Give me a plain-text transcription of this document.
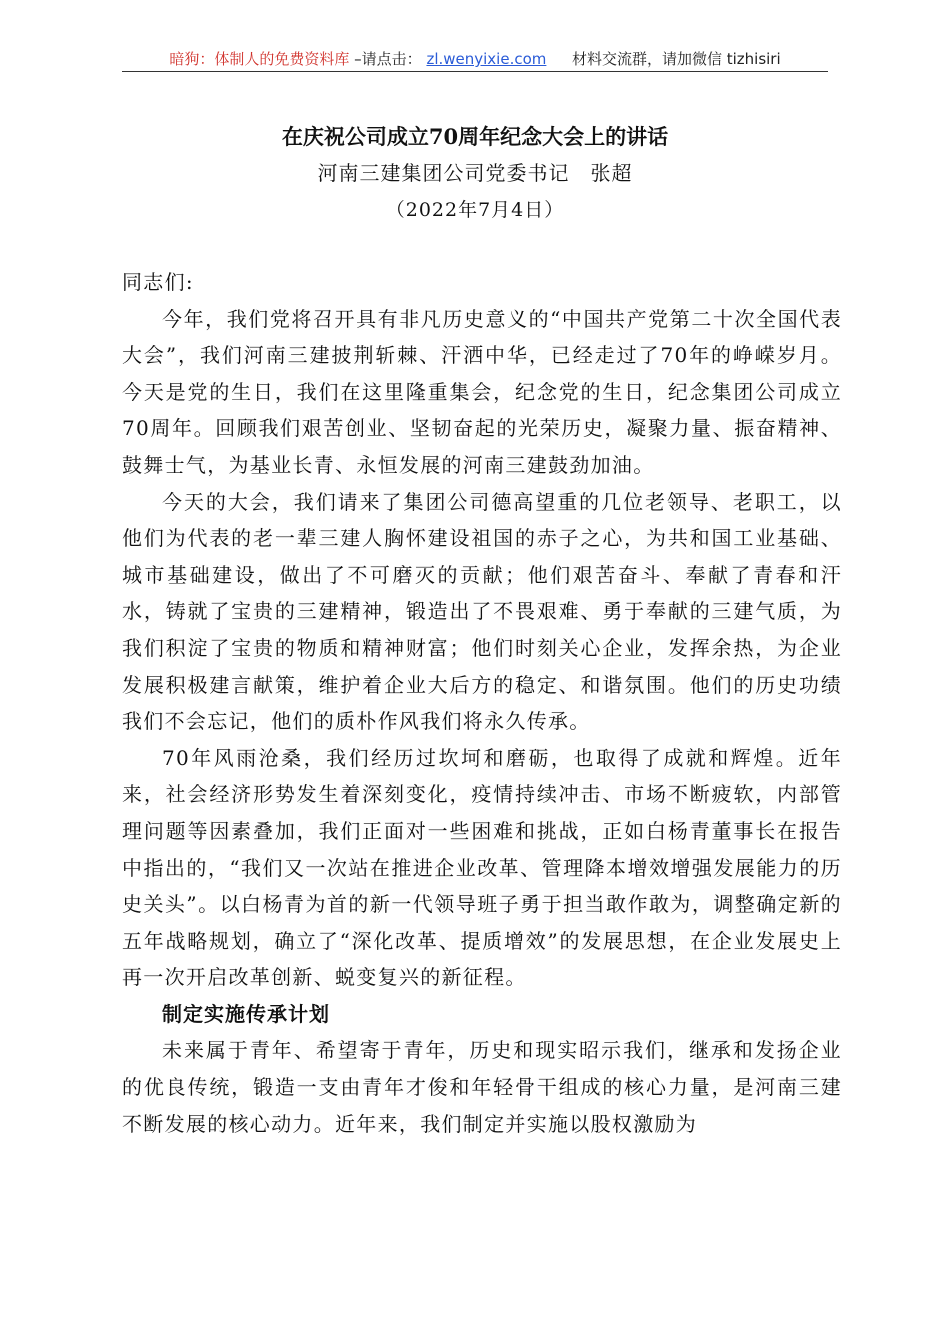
暗狗：体制人的免费资料库 –请点击： zl.wenyixie.com 材料交流群，请加微信 tizhisiri
在庆祝公司成立70周年纪念大会上的讲话
河南三建集团公司党委书记　张超
（2022年7月4日）

同志们:

今年，我们党将召开具有非凡历史意义的“中国共产党第二十次全国代表大会”，我们河南三建披荆斩棘、汗洒中华，已经走过了70年的峥嵘岁月。今天是党的生日，我们在这里隆重集会，纪念党的生日，纪念集团公司成立70周年。回顾我们艰苦创业、坚韧奋起的光荣历史，凝聚力量、振奋精神、鼓舞士气，为基业长青、永恒发展的河南三建鼓劲加油。

今天的大会，我们请来了集团公司德高望重的几位老领导、老职工，以他们为代表的老一辈三建人胸怀建设祖国的赤子之心，为共和国工业基础、城市基础建设，做出了不可磨灭的贡献；他们艰苦奋斗、奉献了青春和汗水，铸就了宝贵的三建精神，锻造出了不畏艰难、勇于奉献的三建气质，为我们积淀了宝贵的物质和精神财富；他们时刻关心企业，发挥余热，为企业发展积极建言献策，维护着企业大后方的稳定、和谐氛围。他们的历史功绩我们不会忘记，他们的质朴作风我们将永久传承。

70年风雨沧桑，我们经历过坎坷和磨砺，也取得了成就和辉煌。近年来，社会经济形势发生着深刻变化，疫情持续冲击、市场不断疲软，内部管理问题等因素叠加，我们正面对一些困难和挑战，正如白杨青董事长在报告中指出的，“我们又一次站在推进企业改革、管理降本增效增强发展能力的历史关头”。以白杨青为首的新一代领导班子勇于担当敢作敢为，调整确定新的五年战略规划，确立了“深化改革、提质增效”的发展思想，在企业发展史上再一次开启改革创新、蜕变复兴的新征程。

制定实施传承计划

未来属于青年、希望寄于青年，历史和现实昭示我们，继承和发扬企业的优良传统，锻造一支由青年才俊和年轻骨干组成的核心力量，是河南三建不断发展的核心动力。近年来，我们制定并实施以股权激励为
